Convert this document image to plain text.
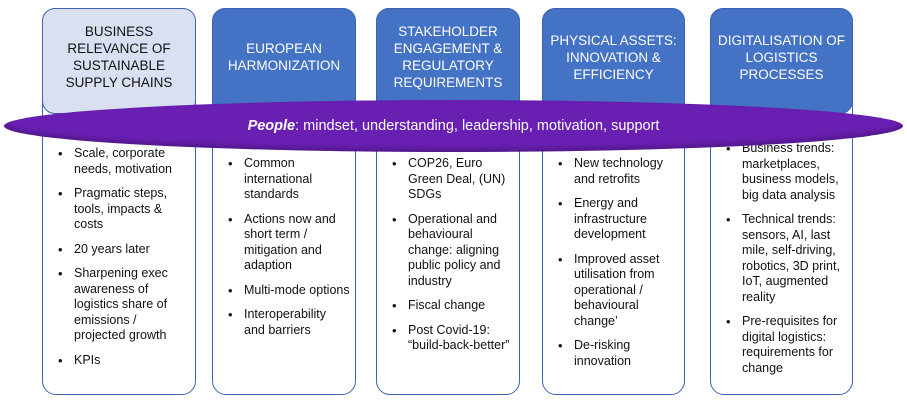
BUSINESS RELEVANCE OF SUSTAINABLE SUPPLY CHAINS
• Scale, corporate needs, motivation
• Pragmatic steps, tools, impacts & costs
• 20 years later
• Sharpening exec awareness of logistics share of emissions / projected growth
• KPIs
EUROPEAN HARMONIZATION
• Common international standards
• Actions now and short term / mitigation and adaption
• Multi-mode options
• Interoperability and barriers
STAKEHOLDER ENGAGEMENT & REGULATORY REQUIREMENTS
• COP26, Euro Green Deal, (UN) SDGs
• Operational and behavioural change: aligning public policy and industry
• Fiscal change
• Post Covid-19: “build-back-better”
PHYSICAL ASSETS: INNOVATION & EFFICIENCY
• New technology and retrofits
• Energy and infrastructure development
• Improved asset utilisation from operational / behavioural change’
• De-risking innovation
DIGITALISATION OF LOGISTICS PROCESSES
• Business trends: marketplaces, business models, big data analysis
• Technical trends: sensors, AI, last mile, self-driving, robotics, 3D print, IoT, augmented reality
• Pre-requisites for digital logistics: requirements for change
People : mindset, understanding, leadership, motivation, support
